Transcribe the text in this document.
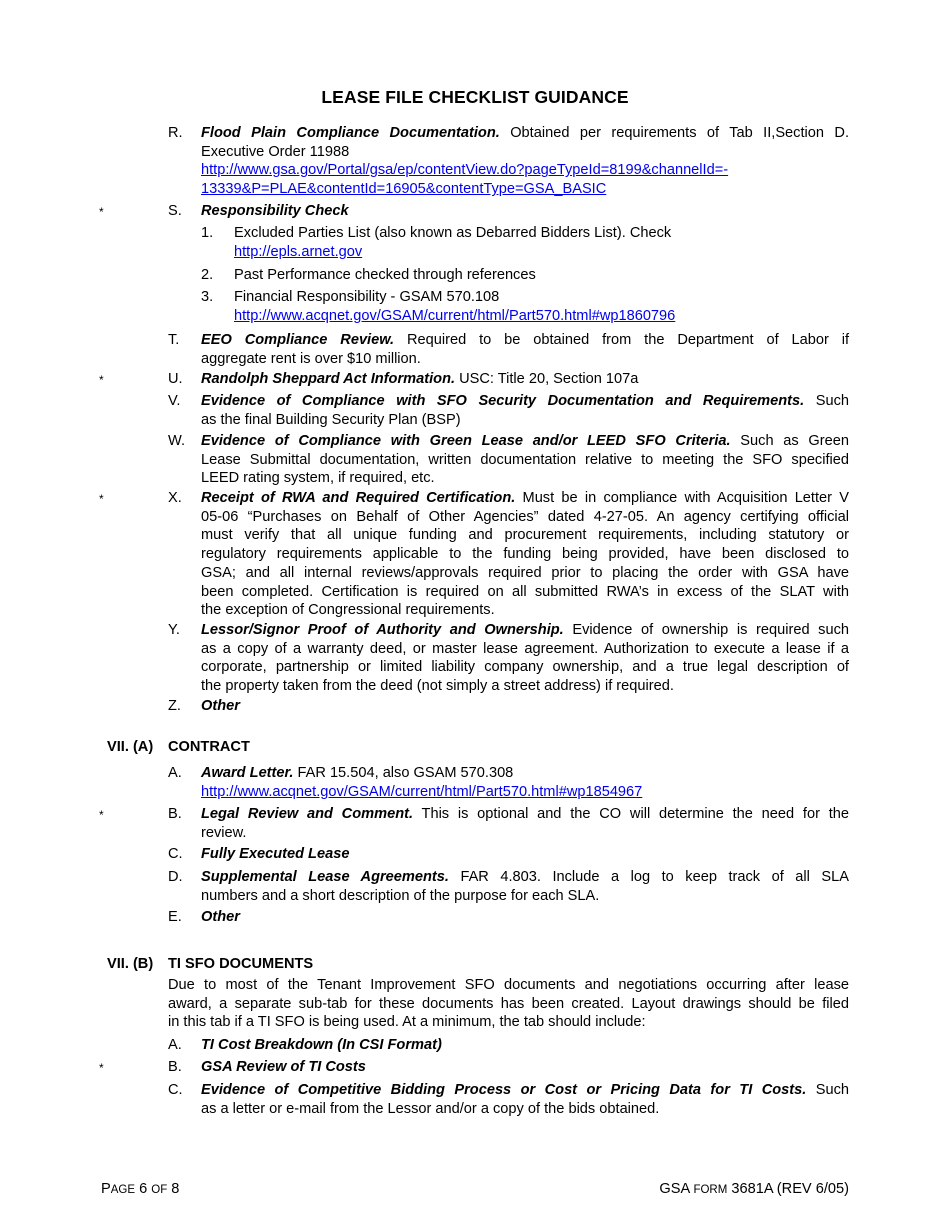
LEASE FILE CHECKLIST GUIDANCE
R. Flood Plain Compliance Documentation. Obtained per requirements of Tab II,Section D.
Executive Order 11988
http://www.gsa.gov/Portal/gsa/ep/contentView.do?pageTypeId=8199&channelId=-
13339&P=PLAE&contentId=16905&contentType=GSA_BASIC
*	S. Responsibility Check
1. Excluded Parties List (also known as Debarred Bidders List). Check
http://epls.arnet.gov
2. Past Performance checked through references
3. Financial Responsibility - GSAM 570.108
http://www.acqnet.gov/GSAM/current/html/Part570.html#wp1860796
T. EEO Compliance Review. Required to be obtained from the Department of Labor if
aggregate rent is over $10 million.
*	U. Randolph Sheppard Act Information. USC: Title 20, Section 107a
V. Evidence of Compliance with SFO Security Documentation and Requirements. Such
as the final Building Security Plan (BSP)
W. Evidence of Compliance with Green Lease and/or LEED SFO Criteria. Such as Green
Lease Submittal documentation, written documentation relative to meeting the SFO specified
LEED rating system, if required, etc.
*	X. Receipt of RWA and Required Certification. Must be in compliance with Acquisition Letter V
05-06 “Purchases on Behalf of Other Agencies” dated 4-27-05. An agency certifying official
must verify that all unique funding and procurement requirements, including statutory or
regulatory requirements applicable to the funding being provided, have been disclosed to
GSA; and all internal reviews/approvals required prior to placing the order with GSA have
been completed. Certification is required on all submitted RWA’s in excess of the SLAT with
the exception of Congressional requirements.
Y. Lessor/Signor Proof of Authority and Ownership. Evidence of ownership is required such
as a copy of a warranty deed, or master lease agreement. Authorization to execute a lease if a
corporate, partnership or limited liability company ownership, and a true legal description of
the property taken from the deed (not simply a street address) if required.
Z. Other
VII. (A) CONTRACT
A. Award Letter. FAR 15.504, also GSAM 570.308
http://www.acqnet.gov/GSAM/current/html/Part570.html#wp1854967
*	B. Legal Review and Comment. This is optional and the CO will determine the need for the
review.
C. Fully Executed Lease
D. Supplemental Lease Agreements. FAR 4.803. Include a log to keep track of all SLA
numbers and a short description of the purpose for each SLA.
E. Other
VII. (B) TI SFO DOCUMENTS
Due to most of the Tenant Improvement SFO documents and negotiations occurring after lease
award, a separate sub-tab for these documents has been created. Layout drawings should be filed
in this tab if a TI SFO is being used. At a minimum, the tab should include:
A. TI Cost Breakdown (In CSI Format)
*	B. GSA Review of TI Costs
C. Evidence of Competitive Bidding Process or Cost or Pricing Data for TI Costs. Such
as a letter or e-mail from the Lessor and/or a copy of the bids obtained.
PAGE 6 OF 8	GSA FORM 3681A (REV 6/05)
